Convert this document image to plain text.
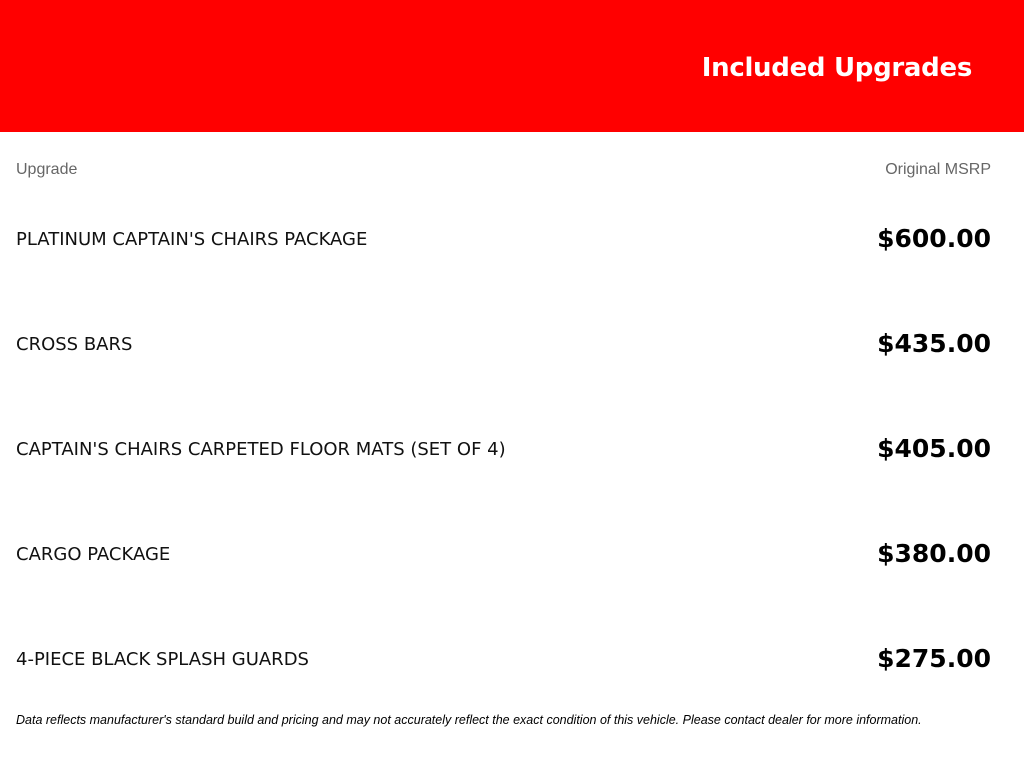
Included Upgrades
Upgrade	Original MSRP
PLATINUM CAPTAIN'S CHAIRS PACKAGE	$600.00
CROSS BARS	$435.00
CAPTAIN'S CHAIRS CARPETED FLOOR MATS (SET OF 4)	$405.00
CARGO PACKAGE	$380.00
4-PIECE BLACK SPLASH GUARDS	$275.00
Data reflects manufacturer's standard build and pricing and may not accurately reflect the exact condition of this vehicle. Please contact dealer for more information.
